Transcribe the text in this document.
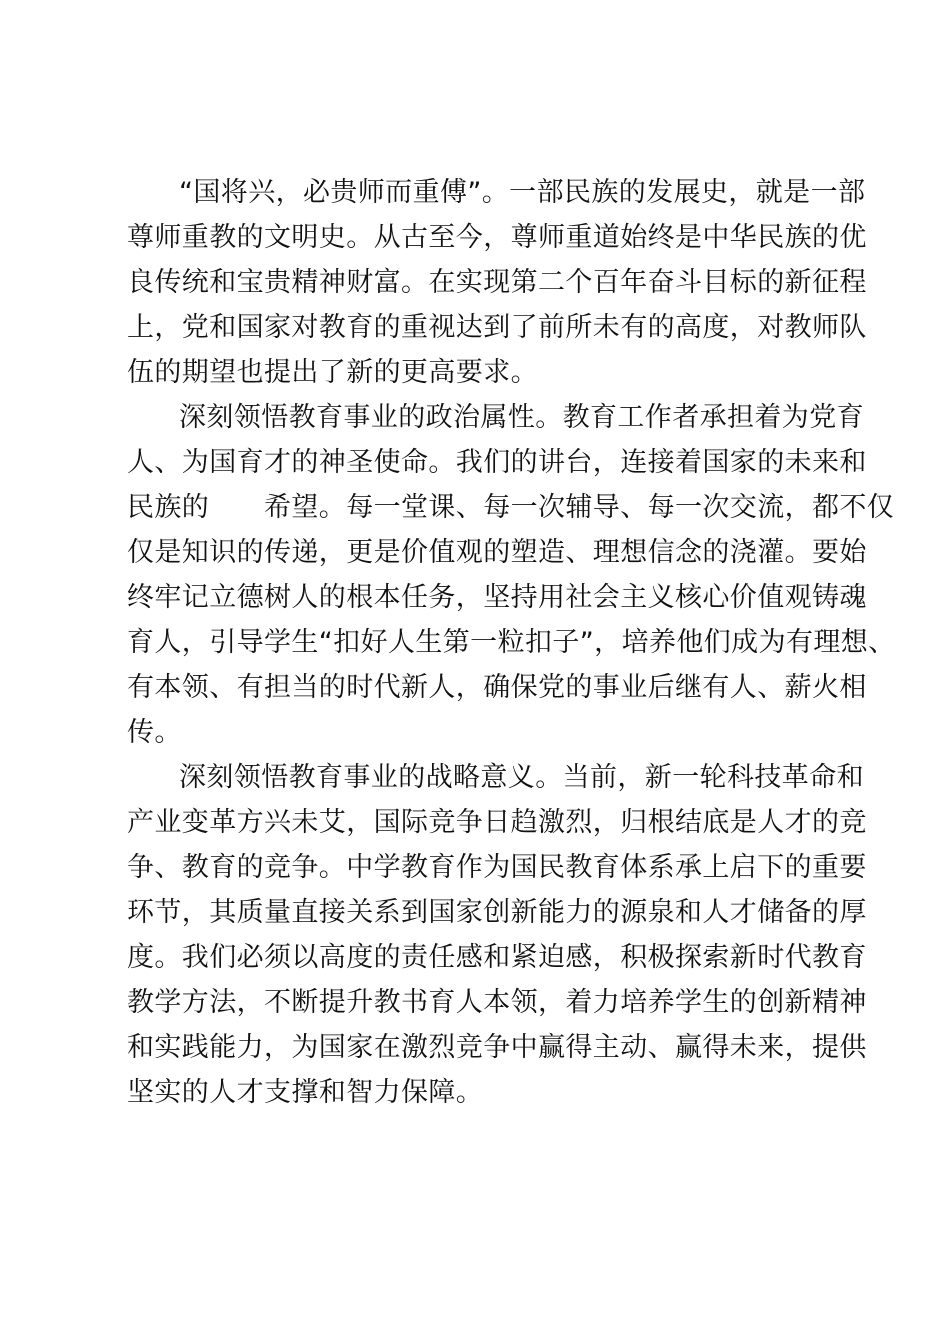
“国将兴，必贵师而重傅”。一部民族的发展史，就是一部
尊师重教的文明史。从古至今，尊师重道始终是中华民族的优
良传统和宝贵精神财富。在实现第二个百年奋斗目标的新征程
上，党和国家对教育的重视达到了前所未有的高度，对教师队
伍的期望也提出了新的更高要求。
深刻领悟教育事业的政治属性。教育工作者承担着为党育
人、为国育才的神圣使命。我们的讲台，连接着国家的未来和
民族的　　希望。每一堂课、每一次辅导、每一次交流，都不仅
仅是知识的传递，更是价值观的塑造、理想信念的浇灌。要始
终牢记立德树人的根本任务，坚持用社会主义核心价值观铸魂
育人，引导学生“扣好人生第一粒扣子”，培养他们成为有理想、
有本领、有担当的时代新人，确保党的事业后继有人、薪火相
传。
深刻领悟教育事业的战略意义。当前，新一轮科技革命和
产业变革方兴未艾，国际竞争日趋激烈，归根结底是人才的竞
争、教育的竞争。中学教育作为国民教育体系承上启下的重要
环节，其质量直接关系到国家创新能力的源泉和人才储备的厚
度。我们必须以高度的责任感和紧迫感，积极探索新时代教育
教学方法，不断提升教书育人本领，着力培养学生的创新精神
和实践能力，为国家在激烈竞争中赢得主动、赢得未来，提供
坚实的人才支撑和智力保障。
